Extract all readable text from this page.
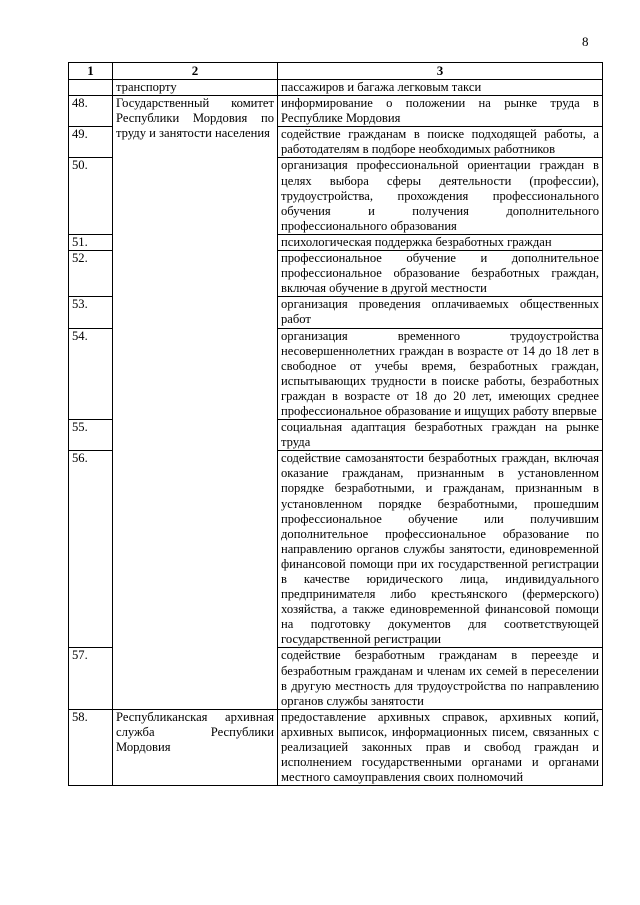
8
1	2	3
	транспорту	пассажиров и багажа легковым такси
48.	Государственный комитет Республики Мордовия по труду и занятости населения	информирование о положении на рынке труда в Республике Мордовия
49.		содействие гражданам в поиске подходящей работы, а работодателям в подборе необходимых работников
50.		организация профессиональной ориентации граждан в целях выбора сферы деятельности (профессии), трудоустройства, прохождения профессионального обучения и получения дополнительного профессионального образования
51.		психологическая поддержка безработных граждан
52.		профессиональное обучение и дополнительное профессиональное образование безработных граждан, включая обучение в другой местности
53.		организация проведения оплачиваемых общественных работ
54.		организация временного трудоустройства несовершеннолетних граждан в возрасте от 14 до 18 лет в свободное от учебы время, безработных граждан, испытывающих трудности в поиске работы, безработных граждан в возрасте от 18 до 20 лет, имеющих среднее профессиональное образование и ищущих работу впервые
55.		социальная адаптация безработных граждан на рынке труда
56.		содействие самозанятости безработных граждан, включая оказание гражданам, признанным в установленном порядке безработными, и гражданам, признанным в установленном порядке безработными, прошедшим профессиональное обучение или получившим дополнительное профессиональное образование по направлению органов службы занятости, единовременной финансовой помощи при их государственной регистрации в качестве юридического лица, индивидуального предпринимателя либо крестьянского (фермерского) хозяйства, а также единовременной финансовой помощи на подготовку документов для соответствующей государственной регистрации
57.		содействие безработным гражданам в переезде и безработным гражданам и членам их семей в переселении в другую местность для трудоустройства по направлению органов службы занятости
58.	Республиканская архивная служба Республики Мордовия	предоставление архивных справок, архивных копий, архивных выписок, информационных писем, связанных с реализацией законных прав и свобод граждан и исполнением государственными органами и органами местного самоуправления своих полномочий
